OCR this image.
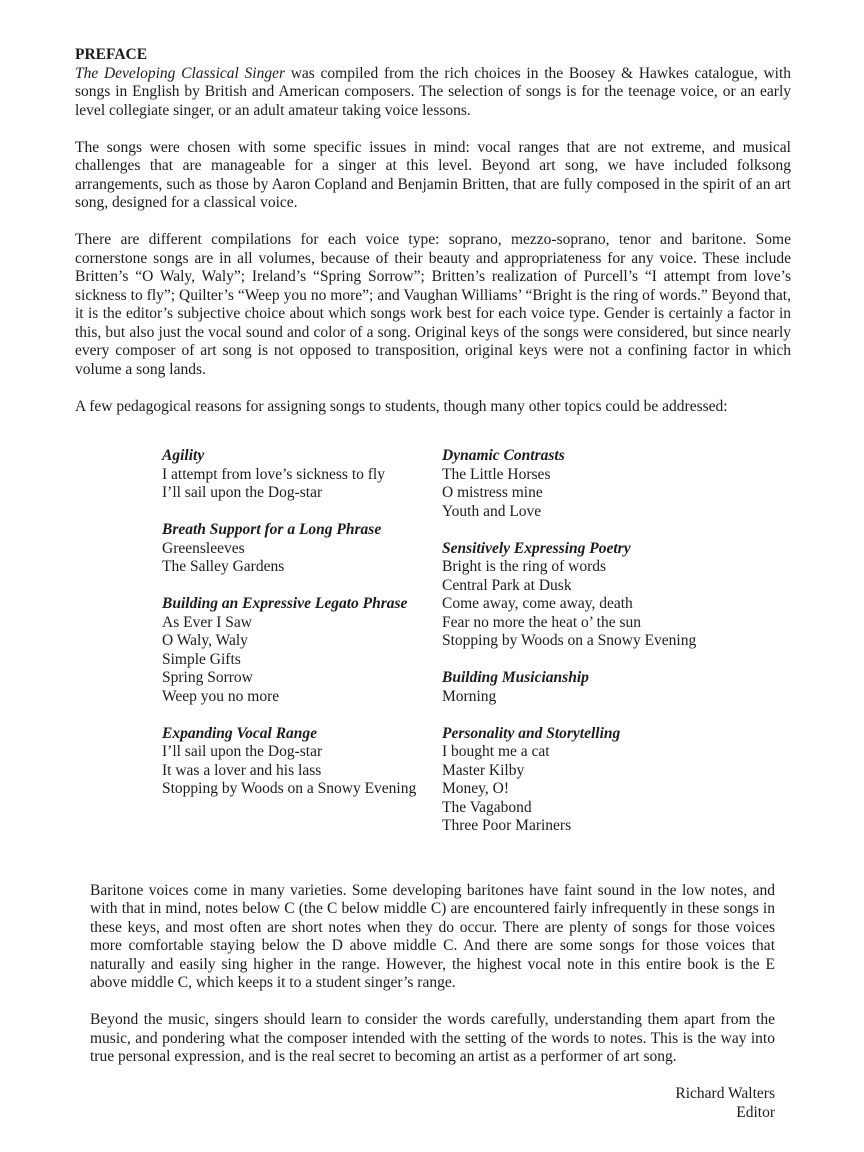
PREFACE

The Developing Classical Singer was compiled from the rich choices in the Boosey & Hawkes catalogue, with songs in English by British and American composers. The selection of songs is for the teenage voice, or an early level collegiate singer, or an adult amateur taking voice lessons.

The songs were chosen with some specific issues in mind: vocal ranges that are not extreme, and musical challenges that are manageable for a singer at this level. Beyond art song, we have included folksong arrangements, such as those by Aaron Copland and Benjamin Britten, that are fully composed in the spirit of an art song, designed for a classical voice.

There are different compilations for each voice type: soprano, mezzo-soprano, tenor and baritone. Some cornerstone songs are in all volumes, because of their beauty and appropriateness for any voice. These include Britten’s “O Waly, Waly”; Ireland’s “Spring Sorrow”; Britten’s realization of Purcell’s “I attempt from love’s sickness to fly”; Quilter’s “Weep you no more”; and Vaughan Williams’ “Bright is the ring of words.” Beyond that, it is the editor’s subjective choice about which songs work best for each voice type. Gender is certainly a factor in this, but also just the vocal sound and color of a song. Original keys of the songs were considered, but since nearly every composer of art song is not opposed to transposition, original keys were not a confining factor in which volume a song lands.

A few pedagogical reasons for assigning songs to students, though many other topics could be addressed:

Agility
I attempt from love’s sickness to fly
I’ll sail upon the Dog-star
Breath Support for a Long Phrase
Greensleeves
The Salley Gardens
Building an Expressive Legato Phrase
As Ever I Saw
O Waly, Waly
Simple Gifts
Spring Sorrow
Weep you no more
Expanding Vocal Range
I’ll sail upon the Dog-star
It was a lover and his lass
Stopping by Woods on a Snowy Evening
Dynamic Contrasts
The Little Horses
O mistress mine
Youth and Love
Sensitively Expressing Poetry
Bright is the ring of words
Central Park at Dusk
Come away, come away, death
Fear no more the heat o’ the sun
Stopping by Woods on a Snowy Evening
Building Musicianship
Morning
Personality and Storytelling
I bought me a cat
Master Kilby
Money, O!
The Vagabond
Three Poor Mariners

Baritone voices come in many varieties. Some developing baritones have faint sound in the low notes, and with that in mind, notes below C (the C below middle C) are encountered fairly infrequently in these songs in these keys, and most often are short notes when they do occur. There are plenty of songs for those voices more comfortable staying below the D above middle C. And there are some songs for those voices that naturally and easily sing higher in the range. However, the highest vocal note in this entire book is the E above middle C, which keeps it to a student singer’s range.

Beyond the music, singers should learn to consider the words carefully, understanding them apart from the music, and pondering what the composer intended with the setting of the words to notes. This is the way into true personal expression, and is the real secret to becoming an artist as a performer of art song.

Richard Walters
Editor
